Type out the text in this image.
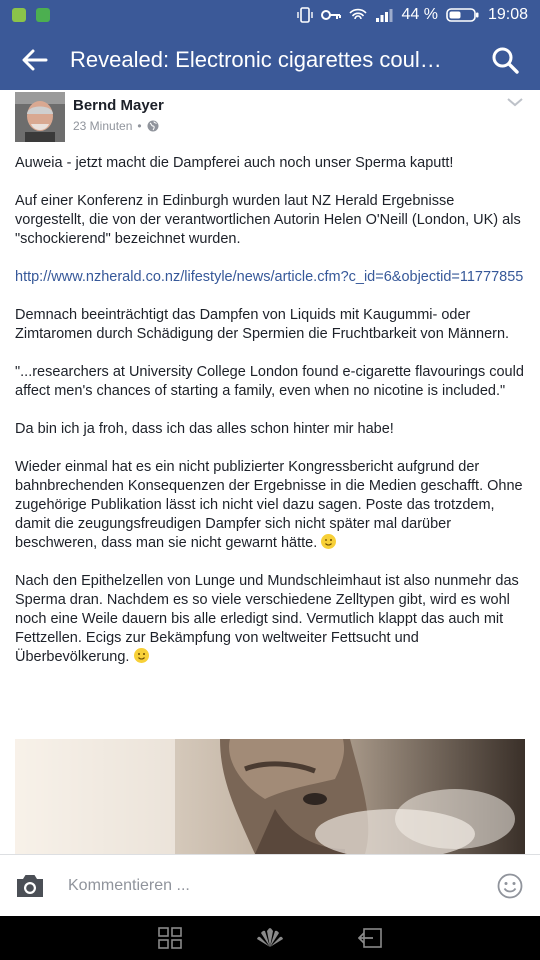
44 %	19:08
Revealed: Electronic cigarettes coul…
Bernd Mayer
23 Minuten •

Auweia - jetzt macht die Dampferei auch noch unser Sperma kaputt!

Auf einer Konferenz in Edinburgh wurden laut NZ Herald Ergebnisse vorgestellt, die von der verantwortlichen Autorin Helen O'Neill (London, UK) als "schockierend" bezeichnet wurden.

http://www.nzherald.co.nz/lifestyle/news/article.cfm?c_id=6&objectid=11777855

Demnach beeinträchtigt das Dampfen von Liquids mit Kaugummi- oder Zimtaromen durch Schädigung der Spermien die Fruchtbarkeit von Männern.

"...researchers at University College London found e-cigarette flavourings could affect men's chances of starting a family, even when no nicotine is included."

Da bin ich ja froh, dass ich das alles schon hinter mir habe!

Wieder einmal hat es ein nicht publizierter Kongressbericht aufgrund der bahnbrechenden Konsequenzen der Ergebnisse in die Medien geschafft. Ohne zugehörige Publikation lässt ich nicht viel dazu sagen. Poste das trotzdem, damit die zeugungsfreudigen Dampfer sich nicht später mal darüber beschweren, dass man sie nicht gewarnt hätte.

Nach den Epithelzellen von Lunge und Mundschleimhaut ist also nunmehr das Sperma dran. Nachdem es so viele verschiedene Zelltypen gibt, wird es wohl noch eine Weile dauern bis alle erledigt sind. Vermutlich klappt das auch mit Fettzellen. Ecigs zur Bekämpfung von weltweiter Fettsucht und Überbevölkerung.

Kommentieren ...
